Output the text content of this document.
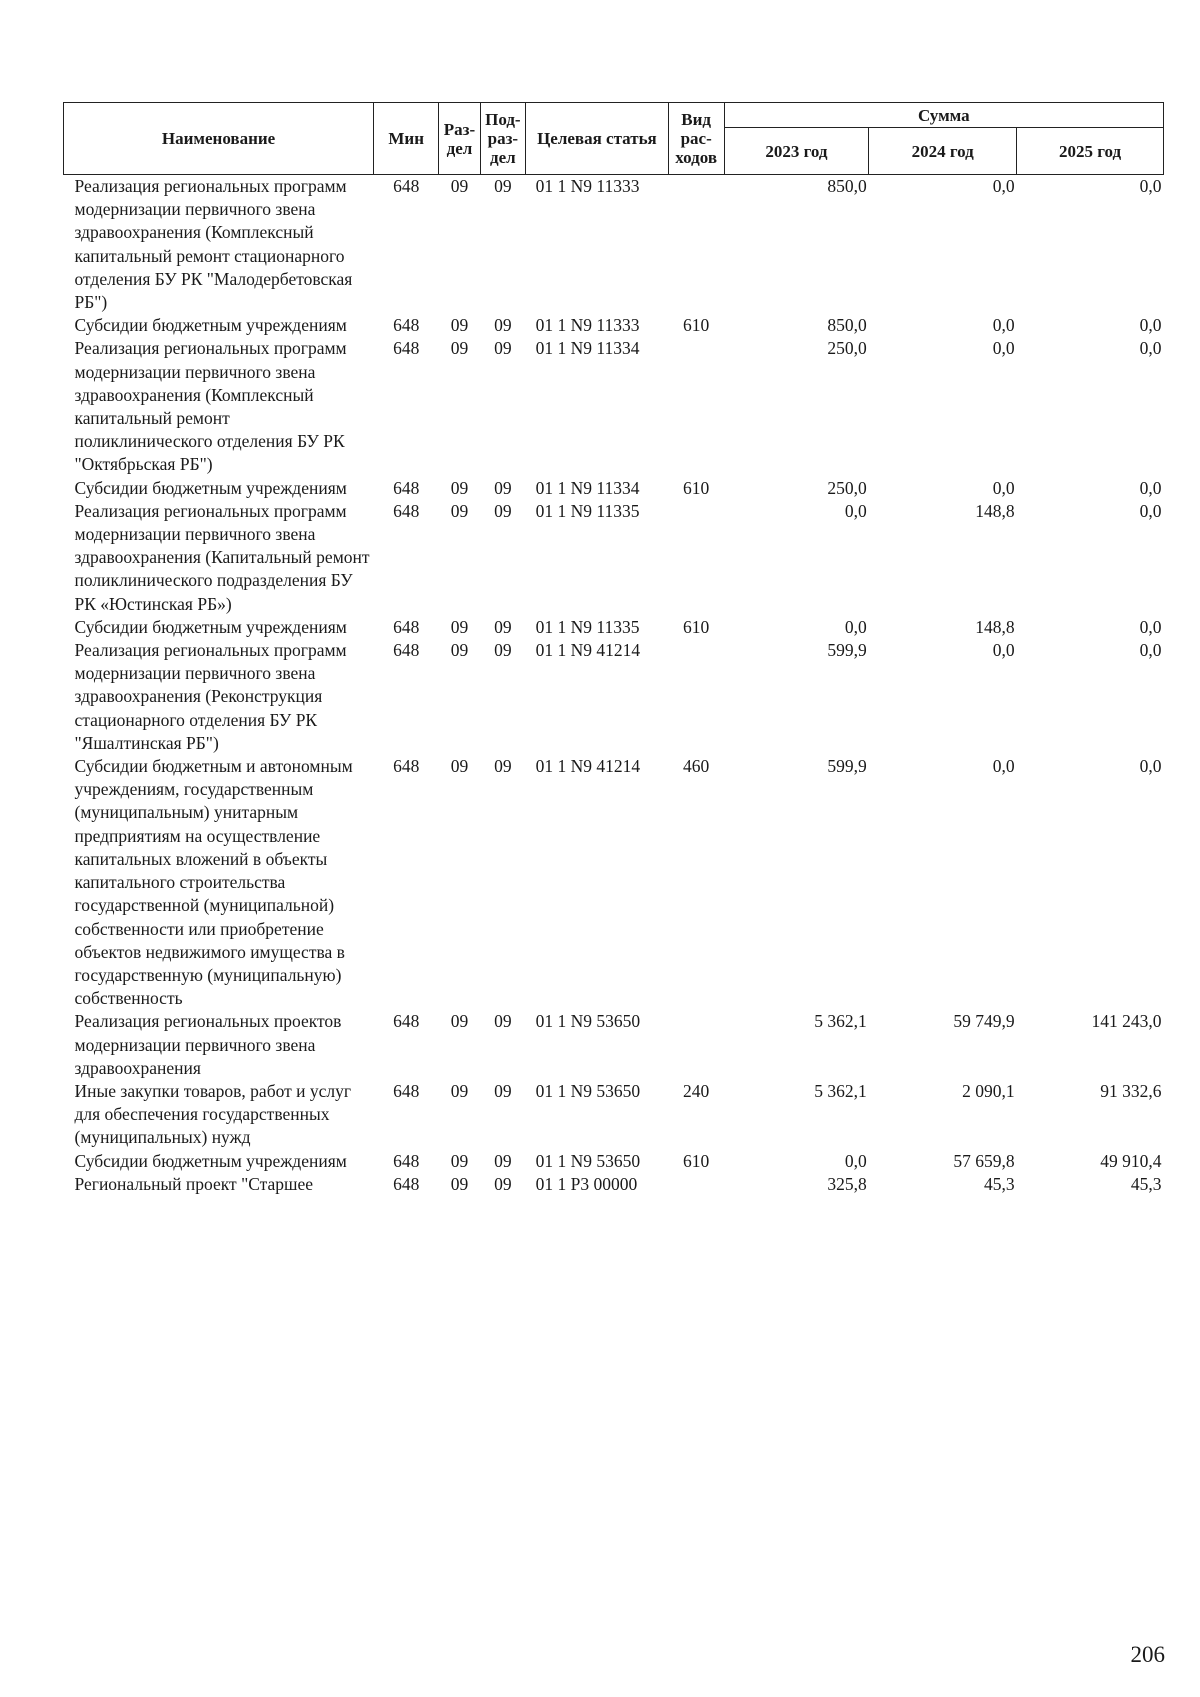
Наименование	Мин	Раз-дел	Под-раз-дел	Целевая статья	Вид рас-ходов	Сумма		
						2023 год	2024 год	2025 год
Реализация региональных программ модернизации первичного звена здравоохранения (Комплексный капитальный ремонт стационарного отделения БУ РК "Малодербетовская РБ")	648	09	09	01 1 N9 11333		850,0	0,0	0,0
Субсидии бюджетным учреждениям	648	09	09	01 1 N9 11333	610	850,0	0,0	0,0
Реализация региональных программ модернизации первичного звена здравоохранения (Комплексный капитальный ремонт поликлинического отделения БУ РК "Октябрьская РБ")	648	09	09	01 1 N9 11334		250,0	0,0	0,0
Субсидии бюджетным учреждениям	648	09	09	01 1 N9 11334	610	250,0	0,0	0,0
Реализация региональных программ модернизации первичного звена здравоохранения (Капитальный ремонт поликлинического подразделения БУ РК «Юстинская РБ»)	648	09	09	01 1 N9 11335		0,0	148,8	0,0
Субсидии бюджетным учреждениям	648	09	09	01 1 N9 11335	610	0,0	148,8	0,0
Реализация региональных программ модернизации первичного звена здравоохранения (Реконструкция стационарного отделения БУ РК "Яшалтинская РБ")	648	09	09	01 1 N9 41214		599,9	0,0	0,0
Субсидии бюджетным и автономным учреждениям, государственным (муниципальным) унитарным предприятиям на осуществление капитальных вложений в объекты капитального строительства государственной (муниципальной) собственности или приобретение объектов недвижимого имущества в государственную (муниципальную) собственность	648	09	09	01 1 N9 41214	460	599,9	0,0	0,0
Реализация региональных проектов модернизации первичного звена здравоохранения	648	09	09	01 1 N9 53650		5 362,1	59 749,9	141 243,0
Иные закупки товаров, работ и услуг для обеспечения государственных (муниципальных) нужд	648	09	09	01 1 N9 53650	240	5 362,1	2 090,1	91 332,6
Субсидии бюджетным учреждениям	648	09	09	01 1 N9 53650	610	0,0	57 659,8	49 910,4
Региональный проект "Старшее	648	09	09	01 1 P3 00000		325,8	45,3	45,3
206
